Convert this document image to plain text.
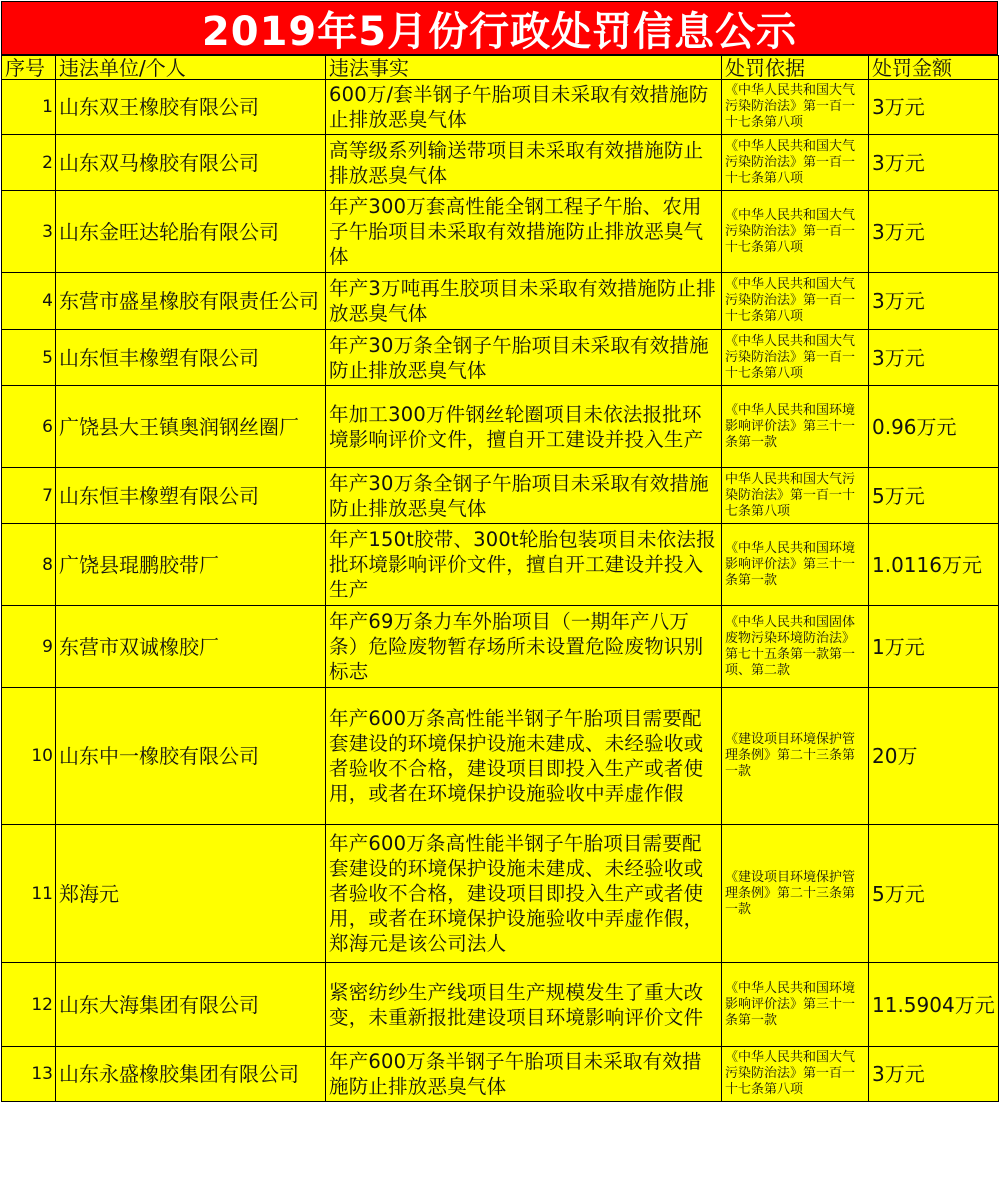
2019年5月份行政处罚信息公示
序号	违法单位/个人	违法事实	处罚依据	处罚金额
1	山东双王橡胶有限公司	600万/套半钢子午胎项目未采取有效措施防止排放恶臭气体	《中华人民共和国大气污染防治法》第一百一十七条第八项	3万元
2	山东双马橡胶有限公司	高等级系列输送带项目未采取有效措施防止排放恶臭气体	《中华人民共和国大气污染防治法》第一百一十七条第八项	3万元
3	山东金旺达轮胎有限公司	年产300万套高性能全钢工程子午胎、农用子午胎项目未采取有效措施防止排放恶臭气体	《中华人民共和国大气污染防治法》第一百一十七条第八项	3万元
4	东营市盛星橡胶有限责任公司	年产3万吨再生胶项目未采取有效措施防止排放恶臭气体	《中华人民共和国大气污染防治法》第一百一十七条第八项	3万元
5	山东恒丰橡塑有限公司	年产30万条全钢子午胎项目未采取有效措施防止排放恶臭气体	《中华人民共和国大气污染防治法》第一百一十七条第八项	3万元
6	广饶县大王镇奥润钢丝圈厂	年加工300万件钢丝轮圈项目未依法报批环境影响评价文件，擅自开工建设并投入生产	《中华人民共和国环境影响评价法》第三十一条第一款	0.96万元
7	山东恒丰橡塑有限公司	年产30万条全钢子午胎项目未采取有效措施防止排放恶臭气体	中华人民共和国大气污染防治法》第一百一十七条第八项	5万元
8	广饶县琨鹏胶带厂	年产150t胶带、300t轮胎包装项目未依法报批环境影响评价文件，擅自开工建设并投入生产	《中华人民共和国环境影响评价法》第三十一条第一款	1.0116万元
9	东营市双诚橡胶厂	年产69万条力车外胎项目（一期年产八万条）危险废物暂存场所未设置危险废物识别标志	《中华人民共和国固体废物污染环境防治法》第七十五条第一款第一项、第二款	1万元
10	山东中一橡胶有限公司	年产600万条高性能半钢子午胎项目需要配套建设的环境保护设施未建成、未经验收或者验收不合格，建设项目即投入生产或者使用，或者在环境保护设施验收中弄虚作假	《建设项目环境保护管理条例》第二十三条第一款	20万
11	郑海元	年产600万条高性能半钢子午胎项目需要配套建设的环境保护设施未建成、未经验收或者验收不合格，建设项目即投入生产或者使用，或者在环境保护设施验收中弄虚作假，郑海元是该公司法人	《建设项目环境保护管理条例》第二十三条第一款	5万元
12	山东大海集团有限公司	紧密纺纱生产线项目生产规模发生了重大改变，未重新报批建设项目环境影响评价文件	《中华人民共和国环境影响评价法》第三十一条第一款	11.5904万元
13	山东永盛橡胶集团有限公司	年产600万条半钢子午胎项目未采取有效措施防止排放恶臭气体	《中华人民共和国大气污染防治法》第一百一十七条第八项	3万元
